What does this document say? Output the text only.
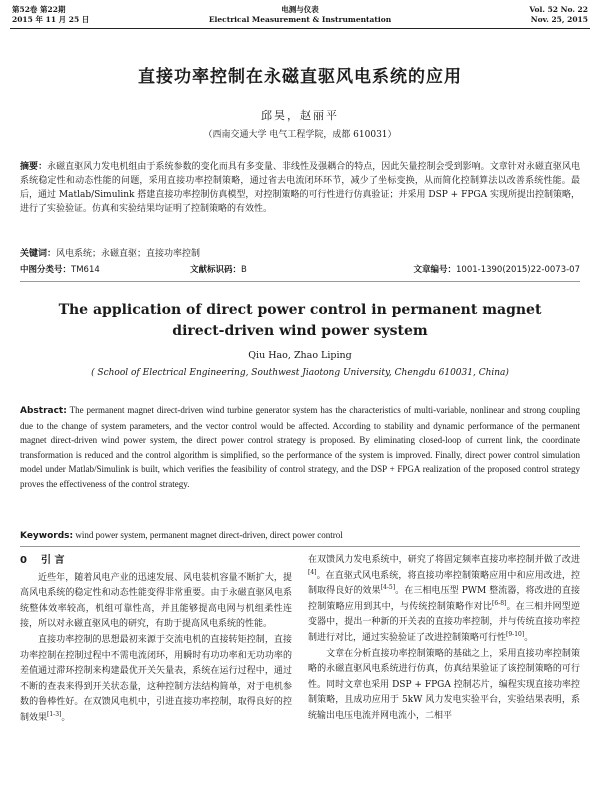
第52卷 第22期
2015 年 11 月 25 日
电测与仪表
Electrical Measurement & Instrumentation
Vol. 52 No. 22
Nov. 25, 2015
直接功率控制在永磁直驱风电系统的应用
邱昊，赵丽平
（西南交通大学 电气工程学院，成都 610031）
摘要：永磁直驱风力发电机组由于系统参数的变化而具有多变量、非线性及强耦合的特点，因此矢量控制会受到影响。文章针对永磁直驱风电系统稳定性和动态性能的问题，采用直接功率控制策略，通过省去电流闭环环节，减少了坐标变换，从而简化控制算法以改善系统性能。最后，通过 Matlab/Simulink 搭建直接功率控制仿真模型，对控制策略的可行性进行仿真验证；并采用 DSP + FPGA 实现所提出控制策略，进行了实验验证。仿真和实验结果均证明了控制策略的有效性。
关键词：风电系统；永磁直驱；直接功率控制
中图分类号：TM614	文献标识码：B	文章编号：1001-1390(2015)22-0073-07
The application of direct power control in permanent magnet
direct-driven wind power system
Qiu Hao, Zhao Liping
( School of Electrical Engineering, Southwest Jiaotong University, Chengdu 610031, China)
Abstract: The permanent magnet direct-driven wind turbine generator system has the characteristics of multi-variable, nonlinear and strong coupling due to the change of system parameters, and the vector control would be affected. According to stability and dynamic performance of the permanent magnet direct-driven wind power system, the direct power control strategy is proposed. By eliminating closed-loop of current link, the coordinate transformation is reduced and the control algorithm is simplified, so the performance of the system is improved. Finally, direct power control simulation model under Matlab/Simulink is built, which verifies the feasibility of control strategy, and the DSP + FPGA realization of the proposed control strategy proves the effectiveness of the control strategy.
Keywords: wind power system, permanent magnet direct-driven, direct power control
0 引 言

近些年，随着风电产业的迅速发展、风电装机容量不断扩大，提高风电系统的稳定性和动态性能变得非常重要。由于永磁直驱风电系统整体效率较高，机组可靠性高，并且能够提高电网与机组柔性连接，所以对永磁直驱风电的研究，有助于提高风电系统的性能。

直接功率控制的思想最初来源于交流电机的直接转矩控制，直接功率控制在控制过程中不需电流闭环，用瞬时有功功率和无功功率的差值通过滞环控制来构建最优开关矢量表，系统在运行过程中，通过不断的查表来得到开关状态量，这种控制方法结构简单，对于电机参数的鲁棒性好。在双馈风电机中，引进直接功率控制，取得良好的控制效果[1-3]。

在双馈风力发电系统中，研究了将固定频率直接功率控制并做了改进[4]。在直驱式风电系统，将直接功率控制策略应用中和应用改进，控制取得良好的效果[4-5]。在三相电压型 PWM 整流器，将改进的直接控制策略应用到其中，与传统控制策略作对比[6-8]。在三相并网型逆变器中，提出一种新的开关表的直接功率控制，并与传统直接功率控制进行对比，通过实验验证了改进控制策略可行性[9-10]。

文章在分析直接功率控制策略的基础之上，采用直接功率控制策略的永磁直驱风电系统进行仿真，仿真结果验证了该控制策略的可行性。同时文章也采用 DSP + FPGA 控制芯片，编程实现直接功率控制策略，且成功应用于 5kW 风力发电实验平台，实验结果表明，系统输出电压电流并网电流小，二相平
